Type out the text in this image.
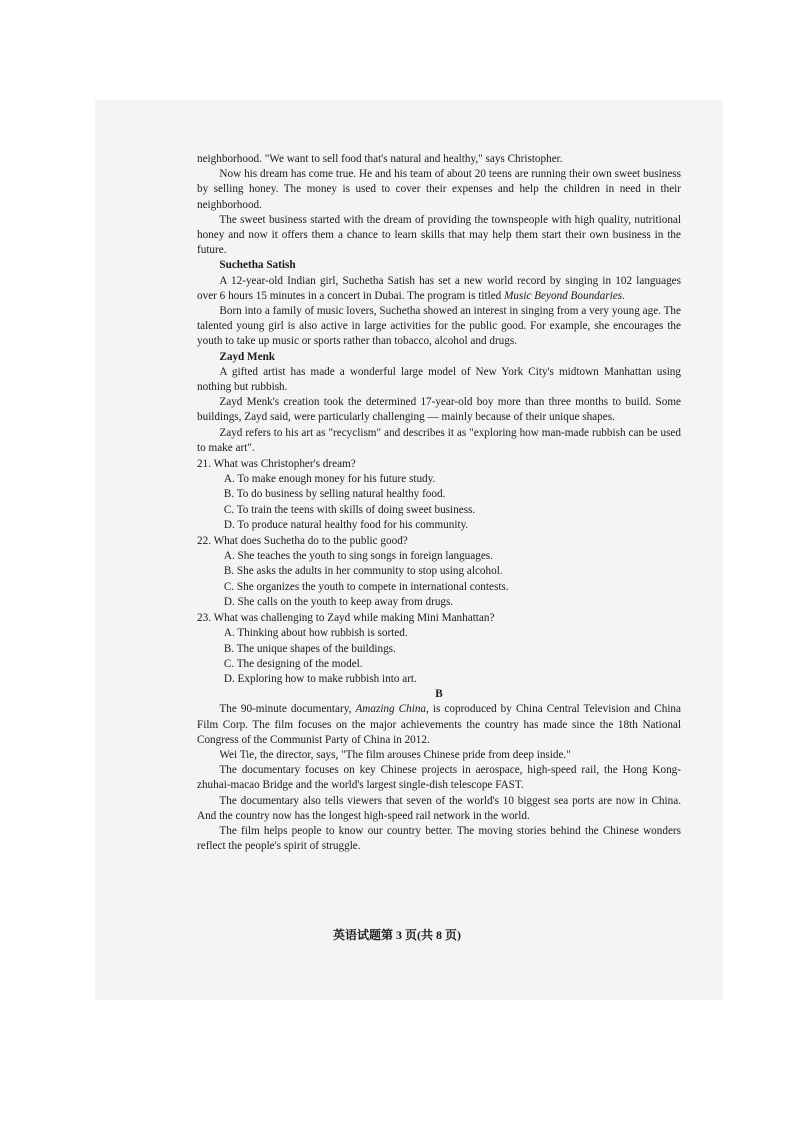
neighborhood. "We want to sell food that's natural and healthy," says Christopher.

Now his dream has come true. He and his team of about 20 teens are running their own sweet business by selling honey. The money is used to cover their expenses and help the children in need in their neighborhood.

The sweet business started with the dream of providing the townspeople with high quality, nutritional honey and now it offers them a chance to learn skills that may help them start their own business in the future.

Suchetha Satish

A 12-year-old Indian girl, Suchetha Satish has set a new world record by singing in 102 languages over 6 hours 15 minutes in a concert in Dubai. The program is titled Music Beyond Boundaries.

Born into a family of music lovers, Suchetha showed an interest in singing from a very young age. The talented young girl is also active in large activities for the public good. For example, she encourages the youth to take up music or sports rather than tobacco, alcohol and drugs.

Zayd Menk

A gifted artist has made a wonderful large model of New York City's midtown Manhattan using nothing but rubbish.

Zayd Menk's creation took the determined 17-year-old boy more than three months to build. Some buildings, Zayd said, were particularly challenging — mainly because of their unique shapes.

Zayd refers to his art as "recyclism" and describes it as "exploring how man-made rubbish can be used to make art".

21. What was Christopher's dream?

A. To make enough money for his future study.

B. To do business by selling natural healthy food.

C. To train the teens with skills of doing sweet business.

D. To produce natural healthy food for his community.

22. What does Suchetha do to the public good?

A. She teaches the youth to sing songs in foreign languages.

B. She asks the adults in her community to stop using alcohol.

C. She organizes the youth to compete in international contests.

D. She calls on the youth to keep away from drugs.

23. What was challenging to Zayd while making Mini Manhattan?

A. Thinking about how rubbish is sorted.

B. The unique shapes of the buildings.

C. The designing of the model.

D. Exploring how to make rubbish into art.

B

The 90-minute documentary, Amazing China, is coproduced by China Central Television and China Film Corp. The film focuses on the major achievements the country has made since the 18th National Congress of the Communist Party of China in 2012.

Wei Tie, the director, says, "The film arouses Chinese pride from deep inside."

The documentary focuses on key Chinese projects in aerospace, high-speed rail, the Hong Kong-zhuhai-macao Bridge and the world's largest single-dish telescope FAST.

The documentary also tells viewers that seven of the world's 10 biggest sea ports are now in China. And the country now has the longest high-speed rail network in the world.

The film helps people to know our country better. The moving stories behind the Chinese wonders reflect the people's spirit of struggle.

英语试题第 3 页(共 8 页)
